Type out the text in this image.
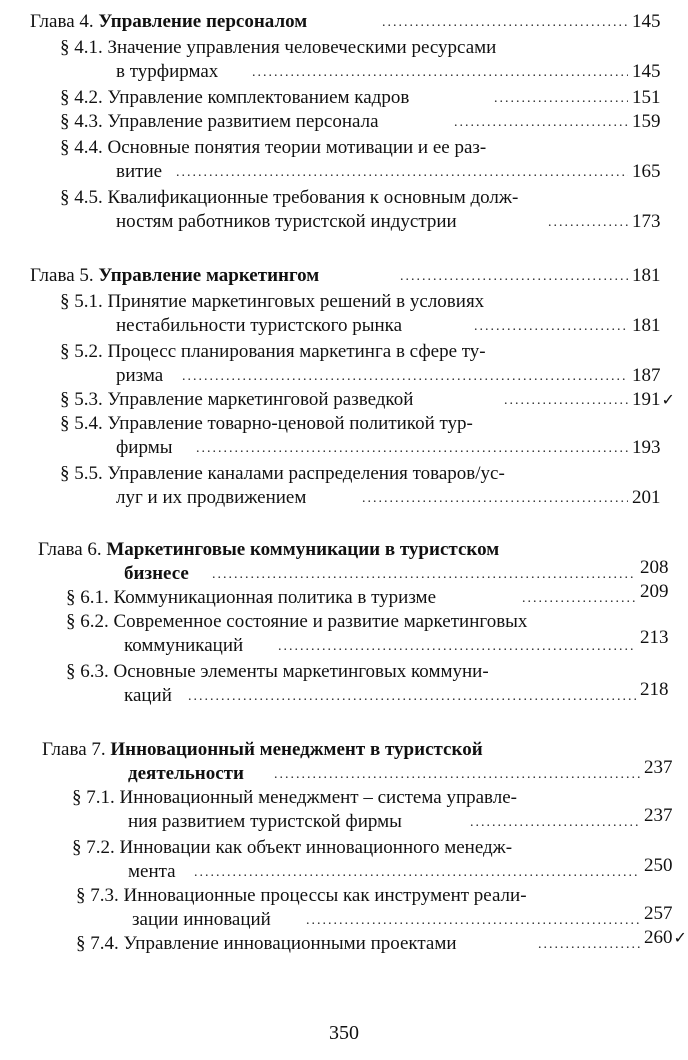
Глава 4. Управление персоналом .....	145
§ 4.1. Значение управления человеческими ресурсами
в турфирмах .....	145
§ 4.2. Управление комплектованием кадров .....	151
§ 4.3. Управление развитием персонала .....	159
§ 4.4. Основные понятия теории мотивации и ее раз-
витие .....	165
§ 4.5. Квалификационные требования к основным долж-
ностям работников туристской индустрии .....	173
Глава 5. Управление маркетингом .....	181
§ 5.1. Принятие маркетинговых решений в условиях
нестабильности туристского рынка .....	181
§ 5.2. Процесс планирования маркетинга в сфере ту-
ризма .....	187
§ 5.3. Управление маркетинговой разведкой .....	191✓
§ 5.4. Управление товарно-ценовой политикой тур-
фирмы .....	193
§ 5.5. Управление каналами распределения товаров/ус-
луг и их продвижением .....	201
Глава 6. Маркетинговые коммуникации в туристском
бизнесе .....	208
§ 6.1. Коммуникационная политика в туризме .....	209
§ 6.2. Современное состояние и развитие маркетинговых
коммуникаций .....	213
§ 6.3. Основные элементы маркетинговых коммуни-
каций .....	218
Глава 7. Инновационный менеджмент в туристской
деятельности .....	237
§ 7.1. Инновационный менеджмент – система управле-
ния развитием туристской фирмы .....	237
§ 7.2. Инновации как объект инновационного менедж-
мента .....	250
§ 7.3. Инновационные процессы как инструмент реали-
зации инноваций .....	257
§ 7.4. Управление инновационными проектами .....	260✓
350
